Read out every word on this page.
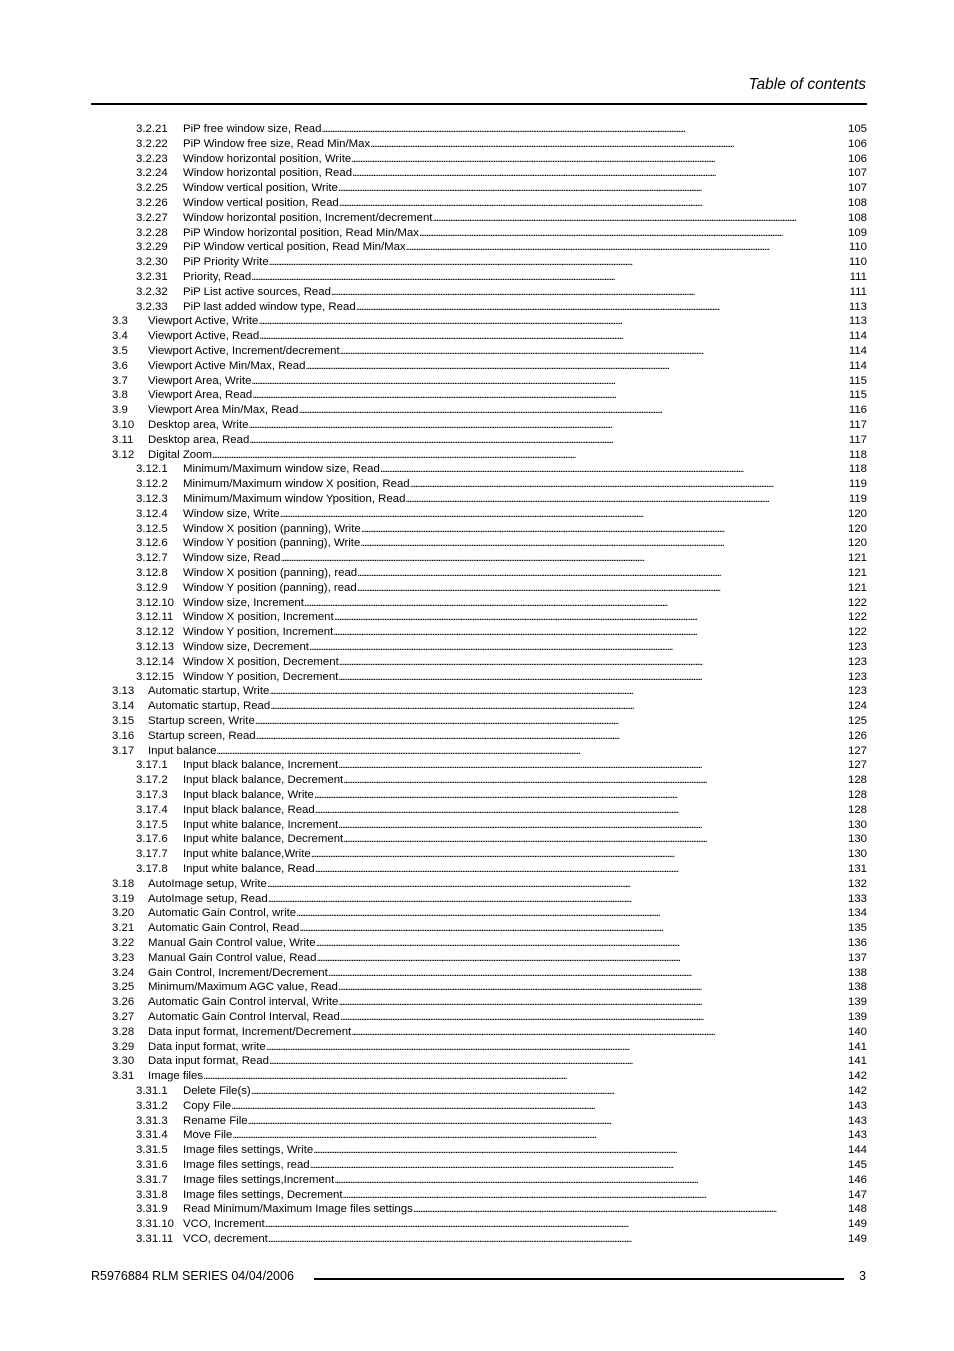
Table of contents
3.2.21	PiP free window size, Read . . .	105
3.2.22	PiP Window free size, Read Min/Max . . .	106
3.2.23	Window horizontal position, Write . . .	106
3.2.24	Window horizontal position, Read . . .	107
3.2.25	Window vertical position, Write . . .	107
3.2.26	Window vertical position, Read . . .	108
3.2.27	Window horizontal position, Increment/decrement . . .	108
3.2.28	PiP Window horizontal position, Read Min/Max . . .	109
3.2.29	PiP Window vertical position, Read Min/Max . . .	110
3.2.30	PiP Priority Write . . .	110
3.2.31	Priority, Read . . .	111
3.2.32	PiP List active sources, Read . . .	111
3.2.33	PiP last added window type, Read . . .	113
3.3	Viewport Active, Write . . .	113
3.4	Viewport Active, Read . . .	114
3.5	Viewport Active, Increment/decrement . . .	114
3.6	Viewport Active Min/Max, Read . . .	114
3.7	Viewport Area, Write . . .	115
3.8	Viewport Area, Read . . .	115
3.9	Viewport Area Min/Max, Read . . .	116
3.10	Desktop area, Write . . .	117
3.11	Desktop area, Read . . .	117
3.12	Digital Zoom . . .	118
3.12.1	Minimum/Maximum window size, Read . . .	118
3.12.2	Minimum/Maximum window X position, Read . . .	119
3.12.3	Minimum/Maximum window Yposition, Read . . .	119
3.12.4	Window size, Write . . .	120
3.12.5	Window X position (panning), Write . . .	120
3.12.6	Window Y position (panning), Write . . .	120
3.12.7	Window size, Read . . .	121
3.12.8	Window X position (panning), read . . .	121
3.12.9	Window Y position (panning), read . . .	121
3.12.10 Window size, Increment . . .	122
3.12.11 Window X position, Increment . . .	122
3.12.12 Window Y position, Increment . . .	122
3.12.13 Window size, Decrement . . .	123
3.12.14 Window X position, Decrement . . .	123
3.12.15 Window Y position, Decrement . . .	123
3.13	Automatic startup, Write . . .	123
3.14	Automatic startup, Read . . .	124
3.15	Startup screen, Write . . .	125
3.16	Startup screen, Read . . .	126
3.17	Input balance . . .	127
3.17.1	Input black balance, Increment . . .	127
3.17.2	Input black balance, Decrement . . .	128
3.17.3	Input black balance, Write . . .	128
3.17.4	Input black balance, Read . . .	128
3.17.5	Input white balance, Increment . . .	130
3.17.6	Input white balance, Decrement . . .	130
3.17.7	Input white balance,Write . . .	130
3.17.8	Input white balance, Read . . .	131
3.18	AutoImage setup, Write . . .	132
3.19	AutoImage setup, Read . . .	133
3.20	Automatic Gain Control, write . . .	134
3.21	Automatic Gain Control, Read . . .	135
3.22	Manual Gain Control value, Write . . .	136
3.23	Manual Gain Control value, Read . . .	137
3.24	Gain Control, Increment/Decrement . . .	138
3.25	Minimum/Maximum AGC value, Read . . .	138
3.26	Automatic Gain Control interval, Write . . .	139
3.27	Automatic Gain Control Interval, Read . . .	139
3.28	Data input format, Increment/Decrement . . .	140
3.29	Data input format, write . . .	141
3.30	Data input format, Read . . .	141
3.31	Image files . . .	142
3.31.1	Delete File(s) . . .	142
3.31.2	Copy File . . .	143
3.31.3	Rename File . . .	143
3.31.4	Move File . . .	143
3.31.5	Image files settings, Write . . .	144
3.31.6	Image files settings, read . . .	145
3.31.7	Image files settings,Increment . . .	146
3.31.8	Image files settings, Decrement . . .	147
3.31.9	Read Minimum/Maximum Image files settings . . .	148
3.31.10 VCO, Increment . . .	149
3.31.11 VCO, decrement . . .	149
R5976884 RLM SERIES 04/04/2006	3
